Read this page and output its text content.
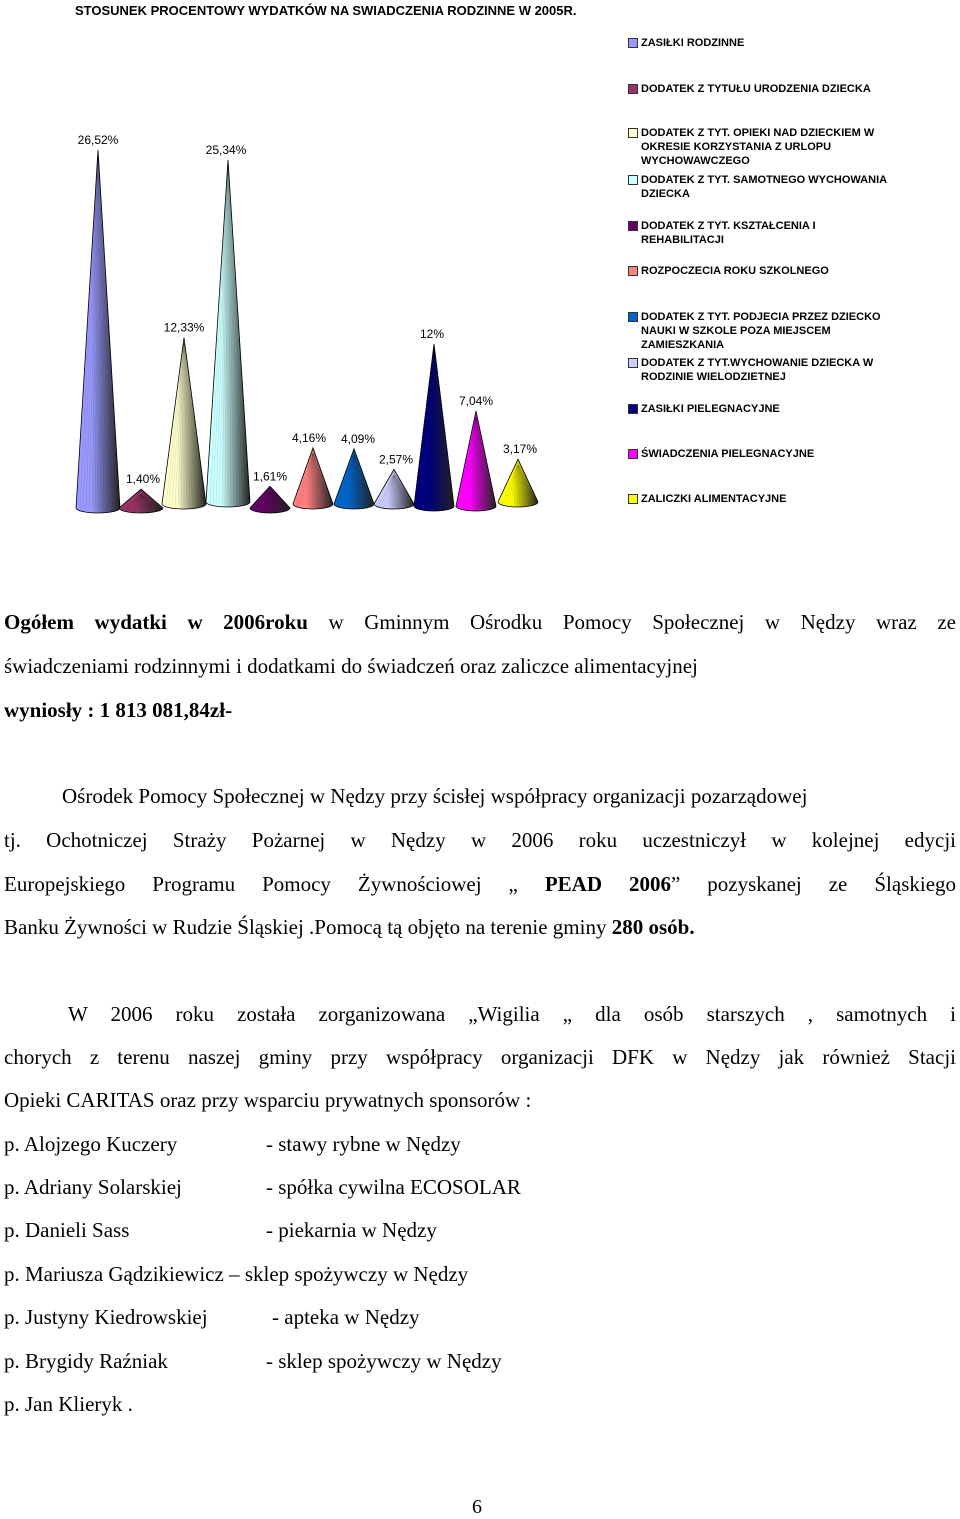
STOSUNEK PROCENTOWY WYDATKÓW NA SWIADCZENIA RODZINNE W 2005R.
26,52%
1,40%
12,33%
25,34%
1,61%
4,16% 4,09%
2,57%
12%
7,04%
3,17%
ZASIŁKI RODZINNE
DODATEK Z TYTUŁU URODZENIA DZIECKA
DODATEK Z TYT. OPIEKI NAD DZIECKIEM W OKRESIE KORZYSTANIA Z URLOPU WYCHOWAWCZEGO
DODATEK Z TYT. SAMOTNEGO WYCHOWANIA DZIECKA
DODATEK Z TYT. KSZTAŁCENIA I REHABILITACJI
ROZPOCZECIA ROKU SZKOLNEGO
DODATEK Z TYT. PODJECIA PRZEZ DZIECKO NAUKI W SZKOLE POZA MIEJSCEM ZAMIESZKANIA
DODATEK Z TYT.WYCHOWANIE DZIECKA W RODZINIE WIELODZIETNEJ
ZASIŁKI PIELEGNACYJNE
ŚWIADCZENIA PIELEGNACYJNE
ZALICZKI ALIMENTACYJNE
Ogółem wydatki w 2006roku w Gminnym Ośrodku Pomocy Społecznej w Nędzy wraz ze
świadczeniami rodzinnymi i dodatkami do świadczeń oraz zaliczce alimentacyjnej
wyniosły : 1 813 081,84zł-
Ośrodek Pomocy Społecznej w Nędzy przy ścisłej współpracy organizacji pozarządowej
tj. Ochotniczej Straży Pożarnej w Nędzy w 2006 roku uczestniczył w kolejnej edycji
Europejskiego Programu Pomocy Żywnościowej „ PEAD 2006” pozyskanej ze Śląskiego
Banku Żywności w Rudzie Śląskiej .Pomocą tą objęto na terenie gminy 280 osób.
W 2006 roku została zorganizowana „Wigilia „ dla osób starszych , samotnych i
chorych z terenu naszej gminy przy współpracy organizacji DFK w Nędzy jak również Stacji
Opieki CARITAS oraz przy wsparciu prywatnych sponsorów :
p. Alojzego Kuczery	- stawy rybne w Nędzy
p. Adriany Solarskiej	- spółka cywilna ECOSOLAR
p. Danieli Sass	- piekarnia w Nędzy
p. Mariusza Gądzikiewicz – sklep spożywczy w Nędzy
p. Justyny Kiedrowskiej	- apteka w Nędzy
p. Brygidy Raźniak	- sklep spożywczy w Nędzy
p. Jan Klieryk .
6
